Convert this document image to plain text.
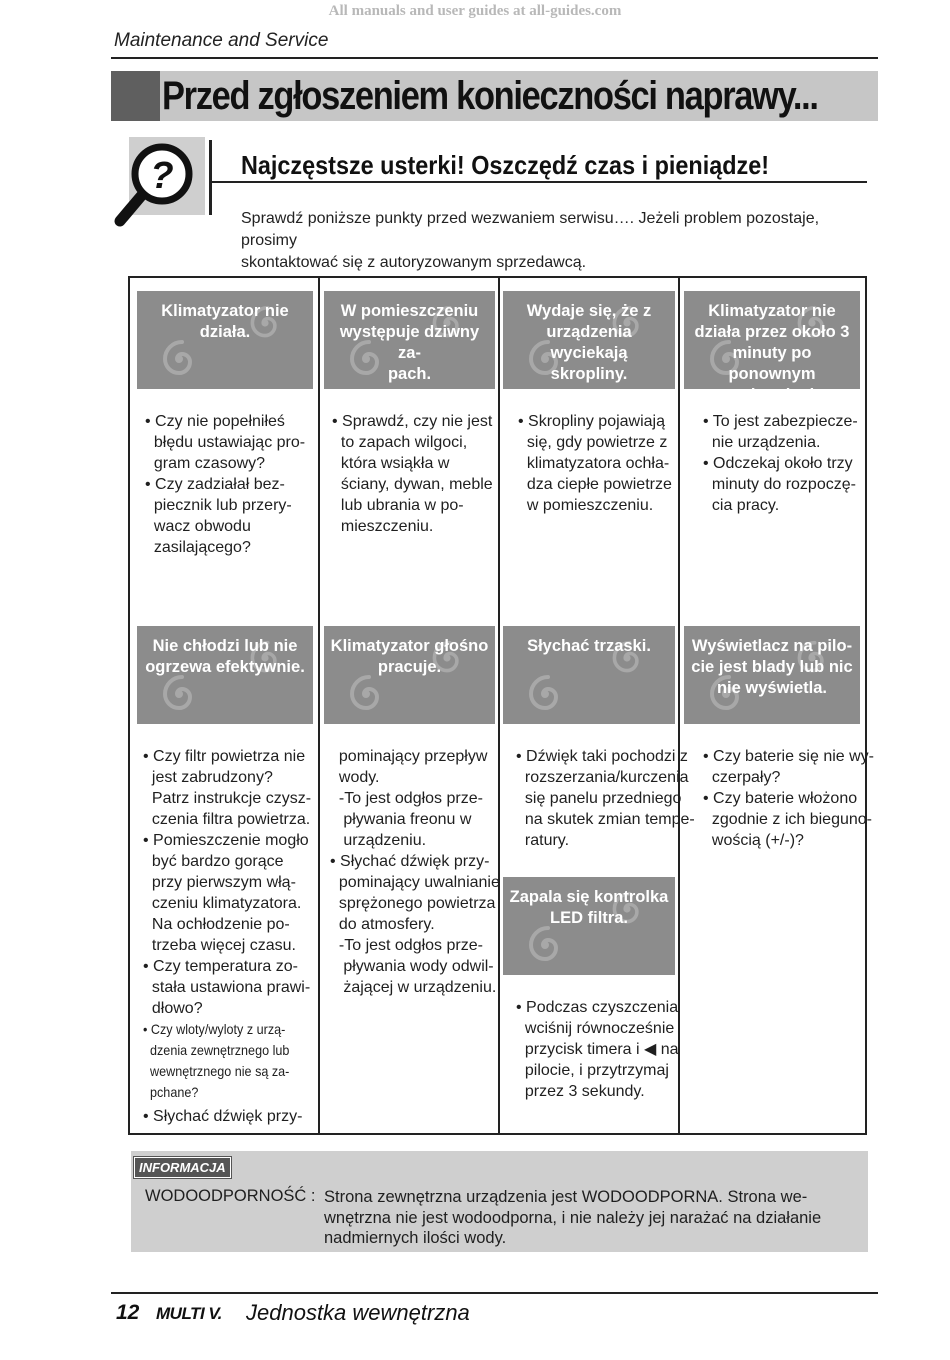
All manuals and user guides at all-guides.com
Maintenance and Service
Przed zgłoszeniem konieczności naprawy...
?	Najczęstsze usterki! Oszczędź czas i pieniądze!

Sprawdź poniższe punkty przed wezwaniem serwisu…. Jeżeli problem pozostaje, prosimy

skontaktować się z autoryzowanym sprzedawcą.

Klimatyzator nie
działa.
W pomieszczeniu
występuje dziwny za-
pach.
Wydaje się, że z
urządzenia wyciekają
skropliny.
Klimatyzator nie
działa przez około 3
minuty po ponownym
uruchomieniu.
Nie chłodzi lub nie
ogrzewa efektywnie.
Klimatyzator głośno
pracuje.
Słychać trzaski.	Wyświetlacz na pilo-
cie jest blady lub nic
nie wyświetla.
Zapala się kontrolka
LED filtra.
• Czy nie popełniłeś
błędu ustawiając pro-
gram czasowy?
• Czy zadziałał bez-
piecznik lub przery-
wacz obwodu
zasilającego?
• Sprawdź, czy nie jest
to zapach wilgoci,
która wsiąkła w
ściany, dywan, meble
lub ubrania w po-
mieszczeniu.
• Skropliny pojawiają
się, gdy powietrze z
klimatyzatora ochła-
dza ciepłe powietrze
w pomieszczeniu.
• To jest zabezpiecze-
nie urządzenia.
• Odczekaj około trzy
minuty do rozpoczę-
cia pracy.
• Czy filtr powietrza nie
jest zabrudzony?
Patrz instrukcje czysz-
czenia filtra powietrza.
• Pomieszczenie mogło
być bardzo gorące
przy pierwszym włą-
czeniu klimatyzatora.
Na ochłodzenie po-
trzeba więcej czasu.
• Czy temperatura zo-
stała ustawiona prawi-
dłowo?
• Czy wloty/wyloty z urzą-
dzenia zewnętrznego lub
wewnętrznego nie są za-
pchane?
• Słychać dźwięk przy-
pominający przepływ
wody.
-To jest odgłos prze-
pływania freonu w
urządzeniu.
• Słychać dźwięk przy-
pominający uwalnianie
sprężonego powietrza
do atmosfery.
-To jest odgłos prze-
pływania wody odwil-
żającej w urządzeniu.
• Dźwięk taki pochodzi z
rozszerzania/kurczenia
się panelu przedniego
na skutek zmian tempe-
ratury.
• Podczas czyszczenia
wciśnij równocześnie
przycisk timera i ◀ na
pilocie, i przytrzymaj
przez 3 sekundy.
• Czy baterie się nie wy-
czerpały?
• Czy baterie włożono
zgodnie z ich bieguno-
wością (+/-)?
INFORMACJA
WODOODPORNOŚĆ : Strona zewnętrzna urządzenia jest WODOODPORNA. Strona we-
wnętrzna nie jest wodoodporna, i nie należy jej narażać na działanie
nadmiernych ilości wody.
12 MULTI V. Jednostka wewnętrzna
